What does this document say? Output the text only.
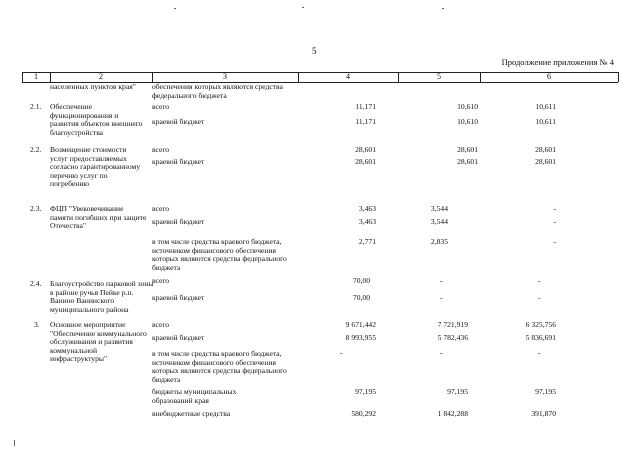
5
Продолжение приложения № 4
1	2	3	4	5	6
населенных пунктов края" обеспечения которых являются средства федерального бюджета
2.1. Обеспечение функционирования и развития объектов внешнего благоустройства
всего	11,171	10,610	10,611
краевой бюджет	11,171	10,610	10,611
2.2. Возмещение стоимости услуг предоставляемых согласно гарантированному перечню услуг по погребению
всего	28,601	28,601	28,601
краевой бюджет	28,601	28,601	28,601
2.3. ФЦП "Увековечивание памяти погибших при защите Отечества"
всего	3,463	3,544	-
краевой бюджет	3,463	3,544	-
в том числе средства краевого бюджета, источником финансового обеспечения которых являются средства федерального бюджета
2,771	2,835	-
2.4. Благоустройство парковой зоны в районе ручья Пейке р.п. Ванино Ванинского муниципального района
всего	70,00	-	-
краевой бюджет	70,00	-	-
3. Основное мероприятие "Обеспечение коммунального обслуживания и развития коммунальной инфраструктуры"
всего	9 671,442	7 721,919	6 325,756
краевой бюджет	8 993,955	5 782,436	5 836,691
в том числе средства краевого бюджета, источником финансового обеспечения которых являются средства федерального бюджета
-	-	-
бюджеты муниципальных образований края
97,195	97,195	97,195
внебюджетные средства	580,292	1 842,288	391,870
